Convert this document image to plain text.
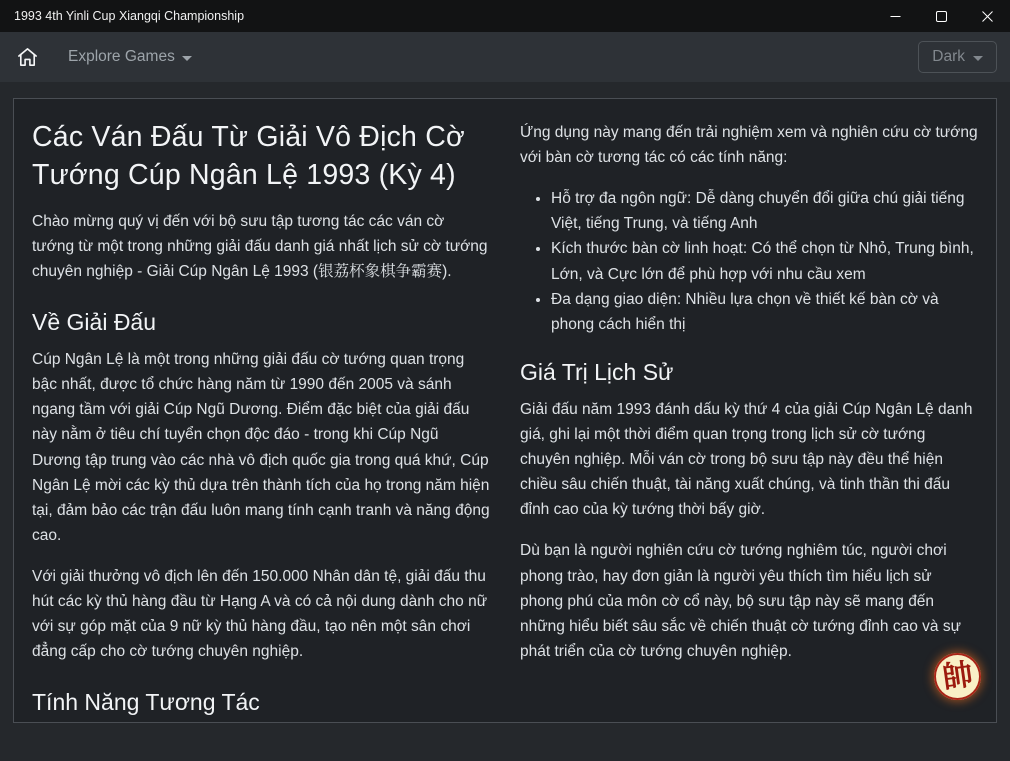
1993 4th Yinli Cup Xiangqi Championship
Explore Games	Dark
Các Ván Đấu Từ Giải Vô Địch Cờ Tướng Cúp Ngân Lệ 1993 (Kỳ 4)

Chào mừng quý vị đến với bộ sưu tập tương tác các ván cờ tướng từ một trong những giải đấu danh giá nhất lịch sử cờ tướng chuyên nghiệp - Giải Cúp Ngân Lệ 1993 (银荔杯象棋争霸赛).

Về Giải Đấu

Cúp Ngân Lệ là một trong những giải đấu cờ tướng quan trọng bậc nhất, được tổ chức hàng năm từ 1990 đến 2005 và sánh ngang tầm với giải Cúp Ngũ Dương. Điểm đặc biệt của giải đấu này nằm ở tiêu chí tuyển chọn độc đáo - trong khi Cúp Ngũ Dương tập trung vào các nhà vô địch quốc gia trong quá khứ, Cúp Ngân Lệ mời các kỳ thủ dựa trên thành tích của họ trong năm hiện tại, đảm bảo các trận đấu luôn mang tính cạnh tranh và năng động cao.

Với giải thưởng vô địch lên đến 150.000 Nhân dân tệ, giải đấu thu hút các kỳ thủ hàng đầu từ Hạng A và có cả nội dung dành cho nữ với sự góp mặt của 9 nữ kỳ thủ hàng đầu, tạo nên một sân chơi đẳng cấp cho cờ tướng chuyên nghiệp.

Tính Năng Tương Tác

Ứng dụng này mang đến trải nghiệm xem và nghiên cứu cờ tướng với bàn cờ tương tác có các tính năng:

• Hỗ trợ đa ngôn ngữ: Dễ dàng chuyển đổi giữa chú giải tiếng Việt, tiếng Trung, và tiếng Anh
• Kích thước bàn cờ linh hoạt: Có thể chọn từ Nhỏ, Trung bình, Lớn, và Cực lớn để phù hợp với nhu cầu xem
• Đa dạng giao diện: Nhiều lựa chọn về thiết kế bàn cờ và phong cách hiển thị
Giá Trị Lịch Sử

Giải đấu năm 1993 đánh dấu kỳ thứ 4 của giải Cúp Ngân Lệ danh giá, ghi lại một thời điểm quan trọng trong lịch sử cờ tướng chuyên nghiệp. Mỗi ván cờ trong bộ sưu tập này đều thể hiện chiều sâu chiến thuật, tài năng xuất chúng, và tinh thần thi đấu đỉnh cao của kỳ tướng thời bấy giờ.

Dù bạn là người nghiên cứu cờ tướng nghiêm túc, người chơi phong trào, hay đơn giản là người yêu thích tìm hiểu lịch sử phong phú của môn cờ cổ này, bộ sưu tập này sẽ mang đến những hiểu biết sâu sắc về chiến thuật cờ tướng đỉnh cao và sự phát triển của cờ tướng chuyên nghiệp.

帥
